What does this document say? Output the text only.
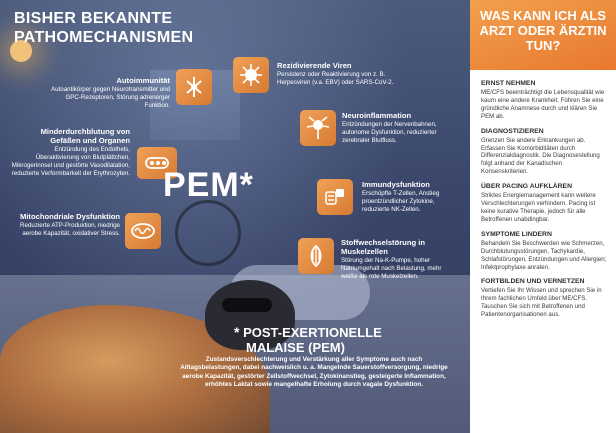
BISHER BEKANNTE
PATHOMECHANISMEN
Autoimmunität

Autoantikörper gegen Neurotransmitter und GPC-Rezeptoren, Störung adrenerger Funktion.

Minderdurchblutung von Gefäßen und Organen

Entzündung des Endothels, Überaktivierung von Blutplättchen, Mikrogerinnsel und gestörte Vasodilatation, reduzierte Verformbarkeit der Erythrozyten.

Mitochondriale Dysfunktion

Reduzierte ATP-Produktion, niedrige aerobe Kapazität, oxidativer Stress.

Rezidivierende Viren

Persistenz oder Reaktivierung von z. B. Herpesviren (v.a. EBV) oder SARS-CoV-2.

Neuroinflammation

Entzündungen der Nervenbahnen, autonome Dysfunktion, reduzierter zerebraler Blutfluss.

Immundysfunktion

Erschöpfte T-Zellen, Anstieg proentzündlicher Zytokine, reduzierte NK-Zellen.

Stoffwechselstörung in Muskelzellen

Störung der Na-K-Pumpe, hoher Natriumgehalt nach Belastung, mehr weiße als rote Muskelzellen.

PEM*
* POST-EXERTIONELLE
MALAISE (PEM)
Zustandsverschlechterung und Verstärkung aller Symptome auch nach Alltagsbelastungen, dabei nachweislich u. a. Mangelnde Sauerstoffversorgung, niedrige aerobe Kapazität, gestörter Zellstoffwechsel, Zytokinanstieg, gesteigerte Inflammation, erhöhtes Laktat sowie mangelhafte Erholung durch vagale Dysfunktion.
WAS KANN ICH ALS ARZT ODER ÄRZTIN TUN?
ERNST NEHMEN

ME/CFS beeinträchtigt die Lebensqualität wie kaum eine andere Krankheit. Führen Sie eine gründliche Anamnese durch und klären Sie PEM ab.

DIAGNOSTIZIEREN

Grenzen Sie andere Erkrankungen ab. Erfassen Sie Komorbiditäten durch Differenzialdiagnostik. Die Diagnosestellung folgt anhand der Kanadischen Konsenskriterien.

ÜBER PACING AUFKLÄREN

Striktes Energiemanagement kann weitere Verschlechterungen verhindern. Pacing ist keine kurative Therapie, jedoch für alle Betroffenen unabdingbar.

SYMPTOME LINDERN

Behandeln Sie Beschwerden wie Schmerzen, Durchblutungsstörungen, Tachykardie, Schlafstörungen, Entzündungen und Allergien; Infektprophylaxe anraten.

FORTBILDEN UND VERNETZEN

Vertiefen Sie Ihr Wissen und sprechen Sie in Ihrem fachlichen Umfeld über ME/CFS. Tauschen Sie sich mit Betroffenen und Patientenorganisationen aus.
